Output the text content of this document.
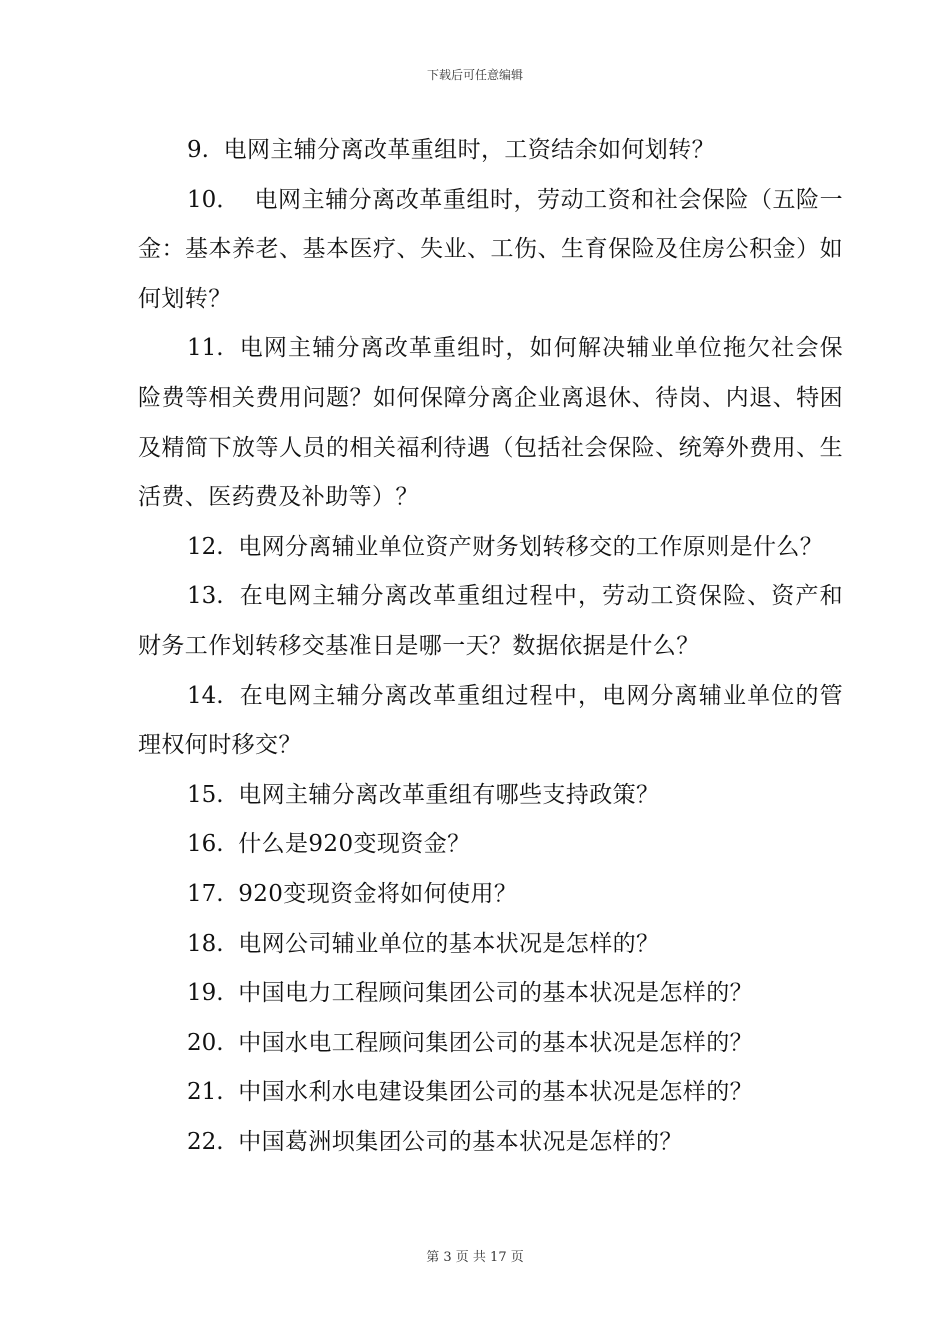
下载后可任意编辑

9. 电网主辅分离改革重组时，工资结余如何划转？

10． 电网主辅分离改革重组时，劳动工资和社会保险（五险一金：基本养老、基本医疗、失业、工伤、生育保险及住房公积金）如何划转？

11. 电网主辅分离改革重组时，如何解决辅业单位拖欠社会保险费等相关费用问题？如何保障分离企业离退休、待岗、内退、特困及精简下放等人员的相关福利待遇（包括社会保险、统筹外费用、生活费、医药费及补助等）？

12. 电网分离辅业单位资产财务划转移交的工作原则是什么？

13. 在电网主辅分离改革重组过程中，劳动工资保险、资产和财务工作划转移交基准日是哪一天？数据依据是什么？

14. 在电网主辅分离改革重组过程中，电网分离辅业单位的管理权何时移交？

15. 电网主辅分离改革重组有哪些支持政策？

16. 什么是920变现资金？

17. 920变现资金将如何使用？

18. 电网公司辅业单位的基本状况是怎样的？

19. 中国电力工程顾问集团公司的基本状况是怎样的？

20. 中国水电工程顾问集团公司的基本状况是怎样的？

21. 中国水利水电建设集团公司的基本状况是怎样的？

22. 中国葛洲坝集团公司的基本状况是怎样的？

第 3 页 共 17 页
